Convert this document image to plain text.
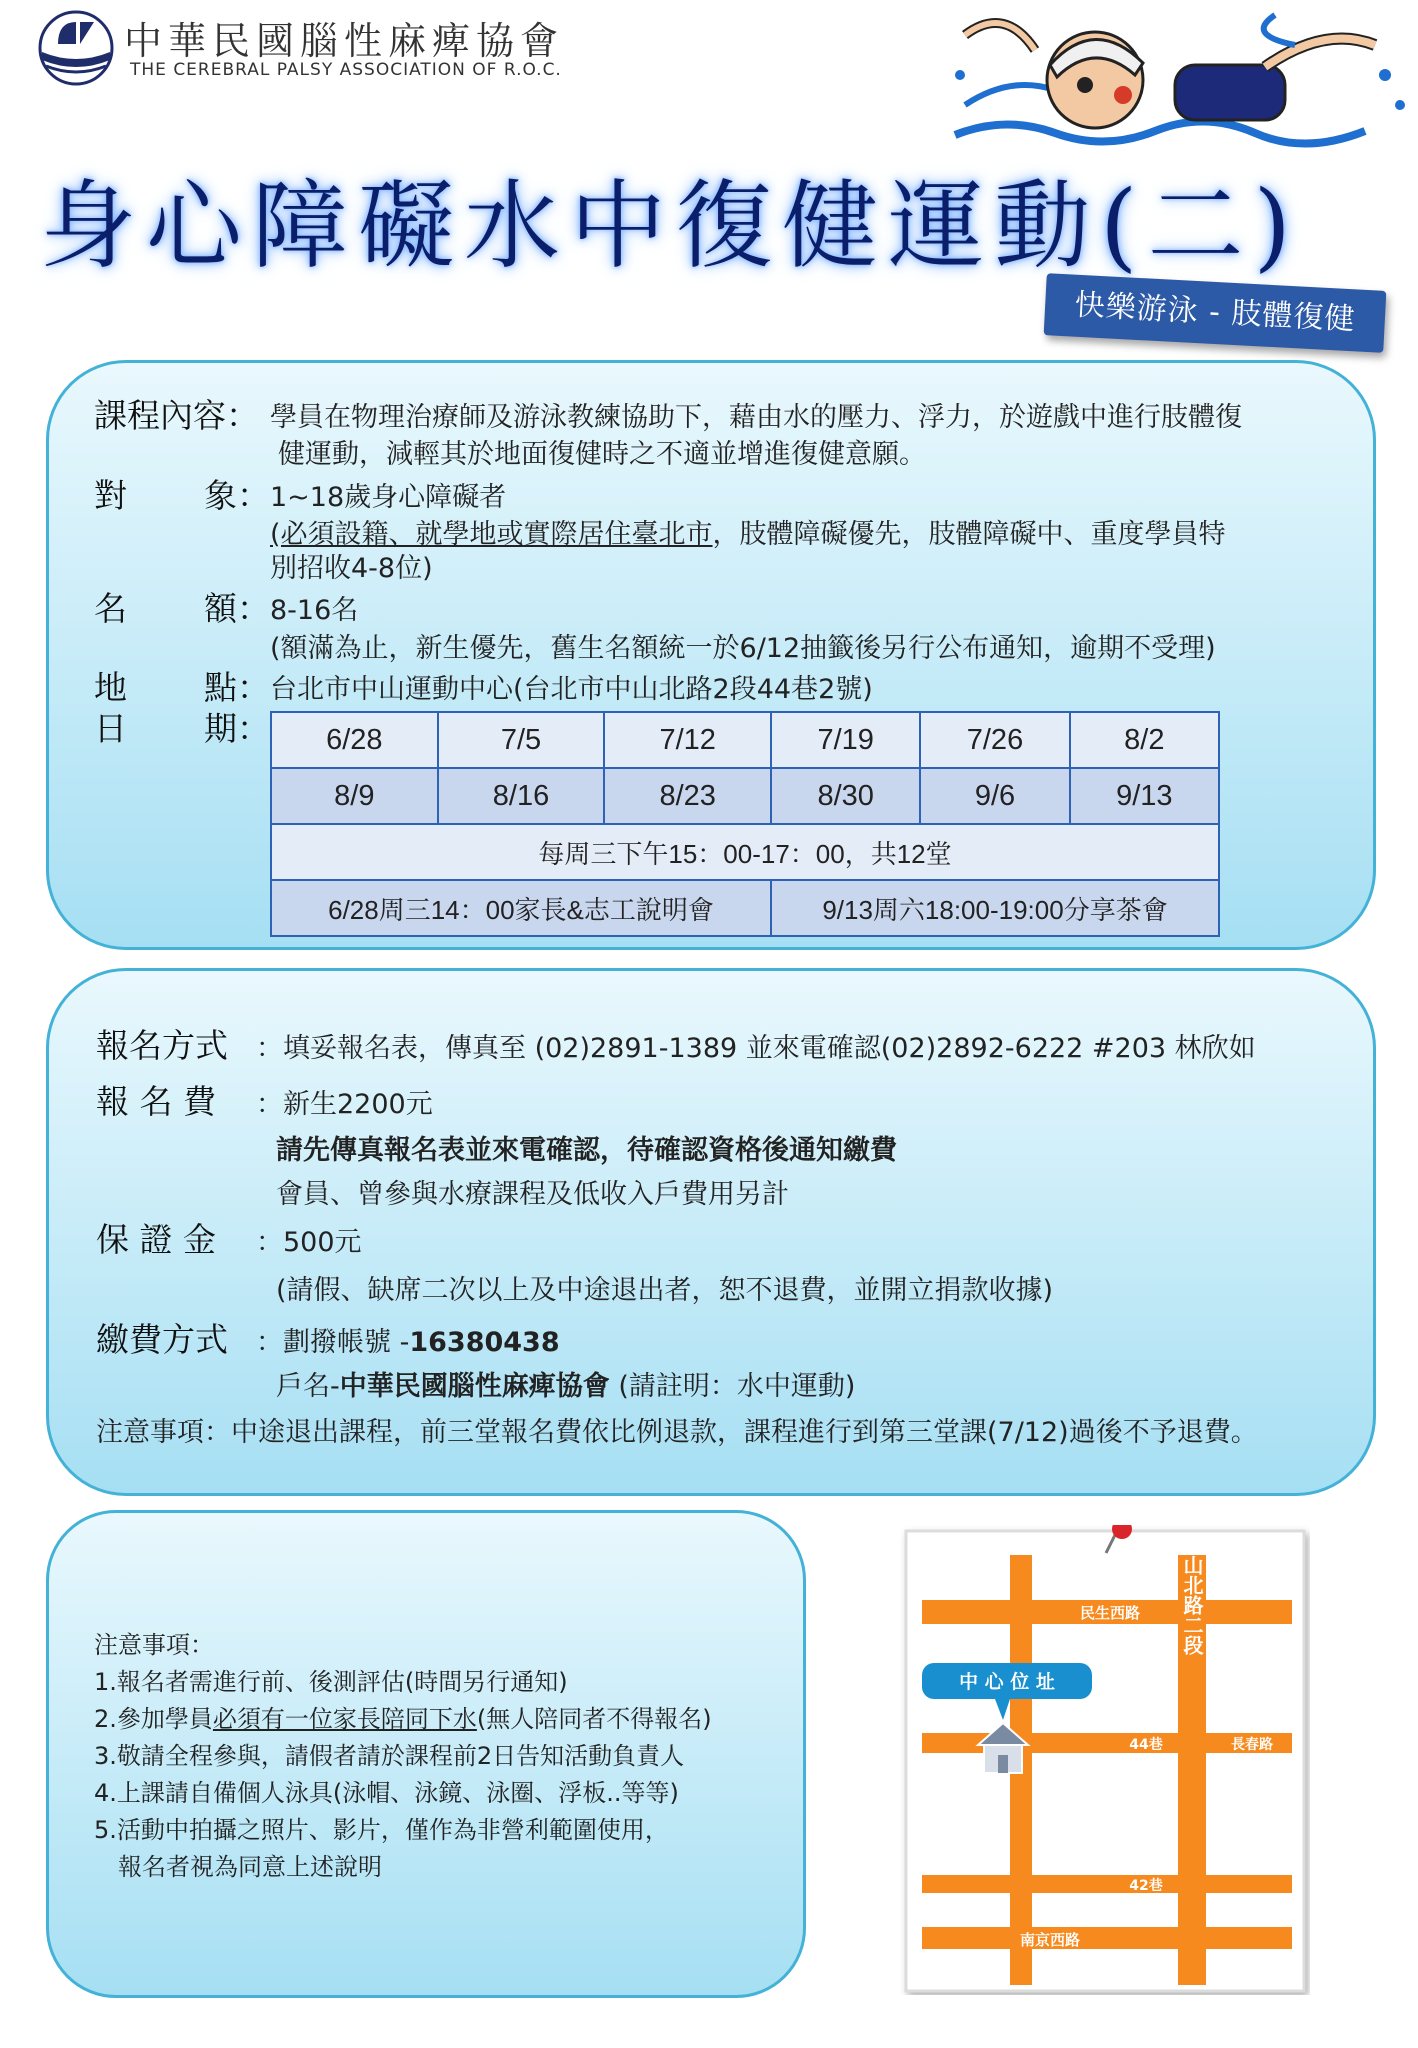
中華民國腦性麻痺協會
THE CEREBRAL PALSY ASSOCIATION OF R.O.C.
身心障礙水中復健運動(二)
快樂游泳 - 肢體復健
課程內容： 學員在物理治療師及游泳教練協助下，藉由水的壓力、浮力，於遊戲中進行肢體復
健運動，減輕其於地面復健時之不適並增進復健意願。
對 象： 1~18歲身心障礙者
(必須設籍、就學地或實際居住臺北市，肢體障礙優先，肢體障礙中、重度學員特
別招收4-8位)
名 額： 8-16名
(額滿為止，新生優先，舊生名額統一於6/12抽籤後另行公布通知，逾期不受理)
地 點： 台北市中山運動中心(台北市中山北路2段44巷2號)
日 期： 6/28	7/5	7/12	7/19	7/26	8/2
8/9	8/16	8/23	8/30	9/6	9/13
每周三下午15：00-17：00，共12堂					
6/28周三14：00家長&志工說明會			9/13周六18:00-19:00分享茶會		
報名方式 ：填妥報名表，傳真至 (02)2891-1389 並來電確認(02)2892-6222 #203 林欣如
報 名 費 ：新生2200元
請先傳真報名表並來電確認，待確認資格後通知繳費
會員、曾參與水療課程及低收入戶費用另計
保 證 金 ：500元
(請假、缺席二次以上及中途退出者，恕不退費，並開立捐款收據)
繳費方式 ：劃撥帳號 -16380438
戶名-中華民國腦性麻痺協會 (請註明：水中運動)
注意事項：中途退出課程，前三堂報名費依比例退款，課程進行到第三堂課(7/12)過後不予退費。
注意事項：
1.報名者需進行前、後測評估(時間另行通知)
2.參加學員必須有一位家長陪同下水(無人陪同者不得報名)
3.敬請全程參與，請假者請於課程前2日告知活動負責人
4.上課請自備個人泳具(泳帽、泳鏡、泳圈、浮板..等等)
5.活動中拍攝之照片、影片，僅作為非營利範圍使用，
報名者視為同意上述說明
民生西路 中山北路二段
44巷	長春路
42巷
南京西路
中 心 位 址
